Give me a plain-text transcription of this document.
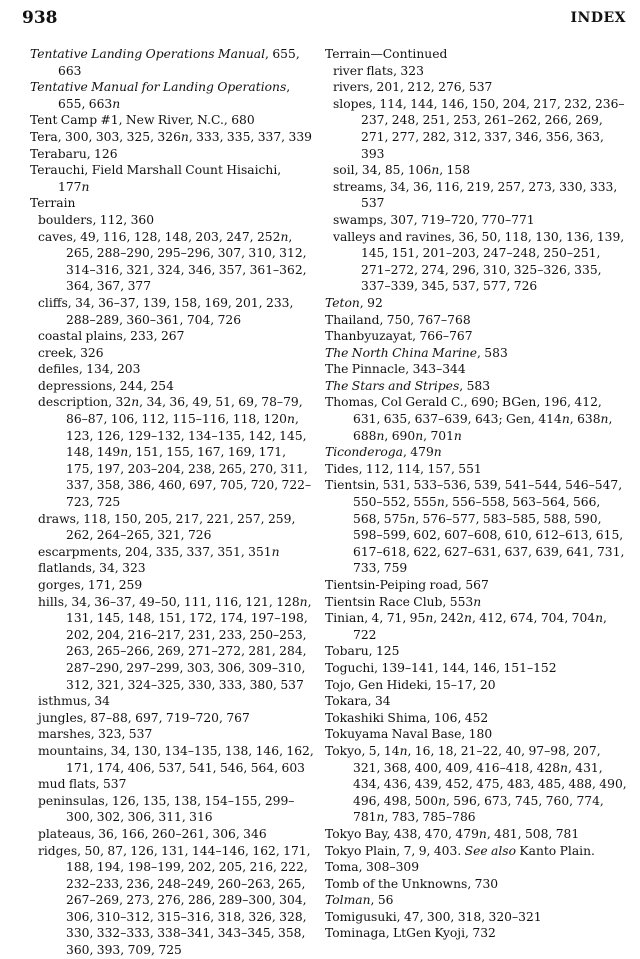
938	INDEX
Tentative Landing Operations Manual, 655, 663
Tentative Manual for Landing Operations, 655, 663n
Tent Camp #1, New River, N.C., 680
Tera, 300, 303, 325, 326n, 333, 335, 337, 339
Terabaru, 126
Terauchi, Field Marshall Count Hisaichi, 177n
Terrain
boulders, 112, 360
caves, 49, 116, 128, 148, 203, 247, 252n, 265, 288–290, 295–296, 307, 310, 312, 314–316, 321, 324, 346, 357, 361–362, 364, 367, 377
cliffs, 34, 36–37, 139, 158, 169, 201, 233, 288–289, 360–361, 704, 726
coastal plains, 233, 267
creek, 326
defiles, 134, 203
depressions, 244, 254
description, 32n, 34, 36, 49, 51, 69, 78–79, 86–87, 106, 112, 115–116, 118, 120n, 123, 126, 129–132, 134–135, 142, 145, 148, 149n, 151, 155, 167, 169, 171, 175, 197, 203–204, 238, 265, 270, 311, 337, 358, 386, 460, 697, 705, 720, 722–723, 725
draws, 118, 150, 205, 217, 221, 257, 259, 262, 264–265, 321, 726
escarpments, 204, 335, 337, 351, 351n
flatlands, 34, 323
gorges, 171, 259
hills, 34, 36–37, 49–50, 111, 116, 121, 128n, 131, 145, 148, 151, 172, 174, 197–198, 202, 204, 216–217, 231, 233, 250–253, 263, 265–266, 269, 271–272, 281, 284, 287–290, 297–299, 303, 306, 309–310, 312, 321, 324–325, 330, 333, 380, 537
isthmus, 34
jungles, 87–88, 697, 719–720, 767
marshes, 323, 537
mountains, 34, 130, 134–135, 138, 146, 162, 171, 174, 406, 537, 541, 546, 564, 603
mud flats, 537
peninsulas, 126, 135, 138, 154–155, 299–300, 302, 306, 311, 316
plateaus, 36, 166, 260–261, 306, 346
ridges, 50, 87, 126, 131, 144–146, 162, 171, 188, 194, 198–199, 202, 205, 216, 222, 232–233, 236, 248–249, 260–263, 265, 267–269, 273, 276, 286, 289–300, 304, 306, 310–312, 315–316, 318, 326, 328, 330, 332–333, 338–341, 343–345, 358, 360, 393, 709, 725
Terrain—Continued
river flats, 323
rivers, 201, 212, 276, 537
slopes, 114, 144, 146, 150, 204, 217, 232, 236–237, 248, 251, 253, 261–262, 266, 269, 271, 277, 282, 312, 337, 346, 356, 363, 393
soil, 34, 85, 106n, 158
streams, 34, 36, 116, 219, 257, 273, 330, 333, 537
swamps, 307, 719–720, 770–771
valleys and ravines, 36, 50, 118, 130, 136, 139, 145, 151, 201–203, 247–248, 250–251, 271–272, 274, 296, 310, 325–326, 335, 337–339, 345, 537, 577, 726
Teton, 92
Thailand, 750, 767–768
Thanbyuzayat, 766–767
The North China Marine, 583
The Pinnacle, 343–344
The Stars and Stripes, 583
Thomas, Col Gerald C., 690; BGen, 196, 412, 631, 635, 637–639, 643; Gen, 414n, 638n, 688n, 690n, 701n
Ticonderoga, 479n
Tides, 112, 114, 157, 551
Tientsin, 531, 533–536, 539, 541–544, 546–547, 550–552, 555n, 556–558, 563–564, 566, 568, 575n, 576–577, 583–585, 588, 590, 598–599, 602, 607–608, 610, 612–613, 615, 617–618, 622, 627–631, 637, 639, 641, 731, 733, 759
Tientsin-Peiping road, 567
Tientsin Race Club, 553n
Tinian, 4, 71, 95n, 242n, 412, 674, 704, 704n, 722
Tobaru, 125
Toguchi, 139–141, 144, 146, 151–152
Tojo, Gen Hideki, 15–17, 20
Tokara, 34
Tokashiki Shima, 106, 452
Tokuyama Naval Base, 180
Tokyo, 5, 14n, 16, 18, 21–22, 40, 97–98, 207, 321, 368, 400, 409, 416–418, 428n, 431, 434, 436, 439, 452, 475, 483, 485, 488, 490, 496, 498, 500n, 596, 673, 745, 760, 774, 781n, 783, 785–786
Tokyo Bay, 438, 470, 479n, 481, 508, 781
Tokyo Plain, 7, 9, 403. See also Kanto Plain.
Toma, 308–309
Tomb of the Unknowns, 730
Tolman, 56
Tomigusuki, 47, 300, 318, 320–321
Tominaga, LtGen Kyoji, 732
